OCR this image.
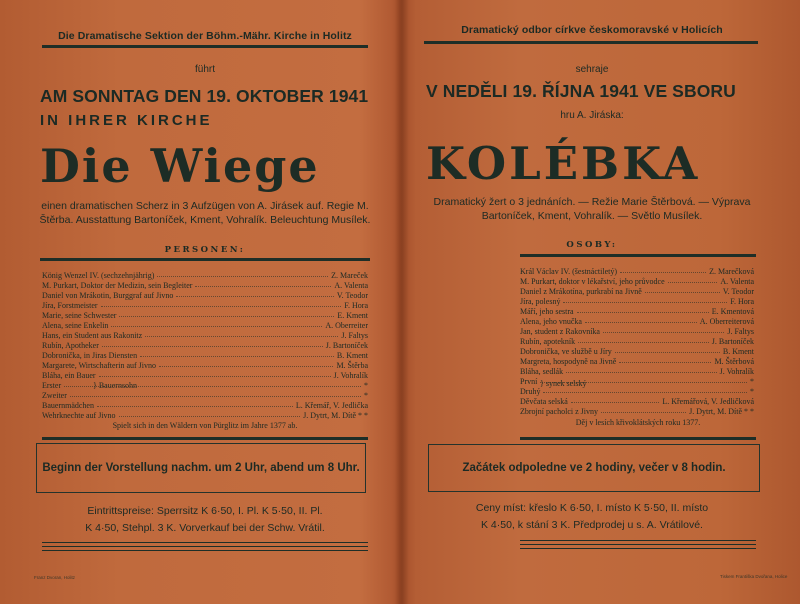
Die Dramatische Sektion der Böhm.-Mähr. Kirche in Holitz
führt
AM SONNTAG DEN 19. OKTOBER 1941
IN IHRER KIRCHE
Die Wiege
einen dramatischen Scherz in 3 Aufzügen von A. Jirásek auf. Regie M.
Štěrba. Ausstattung Bartoníček, Kment, Vohralík. Beleuchtung Musílek.
PERSONEN:
König Wenzel IV. (sechzehnjährig)	Z. Mareček
M. Purkart, Doktor der Medizin, sein Begleiter	A. Valenta
Daniel von Mrákotin, Burggraf auf Jivno	V. Teodor
Jíra, Forstmeister	F. Hora
Marie, seine Schwester	E. Kment
Alena, seine Enkelin	A. Oberreiter
Hans, ein Student aus Rakonitz	J. Faltys
Rubín, Apotheker	J. Bartoníček
Dobronička, in Jiras Diensten	B. Kment
Margarete, Wirtschafterin auf Jivno	M. Štěrba
Bláha, ein Bauer	J. Vohralík
Erster	*
Zweiter	*
Bauernmädchen	L. Křemář, V. Jedlička
Wehrknechte auf Jivno	J. Dytrt, M. Dítě * *
} Bauernsohn
Spielt sich in den Wäldern von Pürglitz im Jahre 1377 ab.
Beginn der Vorstellung nachm. um 2 Uhr, abend um 8 Uhr.
Eintrittspreise: Sperrsitz K 6·50, I. Pl. K 5·50, II. Pl.
K 4·50, Stehpl. 3 K. Vorverkauf bei der Schw. Vrátil.
Franz Dvoran, Holitz
Dramatický odbor církve českomoravské v Holicích
sehraje
V NEDĚLI 19. ŘÍJNA 1941 VE SBORU
hru A. Jiráska:
KOLÉBKA
Dramatický žert o 3 jednáních. — Režie Marie Štěrbová. — Výprava
Bartoníček, Kment, Vohralík. — Světlo Musílek.
OSOBY:
Král Václav IV. (šestnáctiletý)	Z. Marečková
M. Purkart, doktor v lékařství, jeho průvodce	A. Valenta
Daniel z Mrákotína, purkrabí na Jivně	V. Teodor
Jíra, polesný	F. Hora
Máří, jeho sestra	E. Kmentová
Alena, jeho vnučka	A. Oberreiterová
Jan, student z Rakovníka	J. Faltys
Rubín, apotekník	J. Bartoníček
Dobronička, ve službě u Jíry	B. Kment
Margreta, hospodyně na Jivně	M. Štěrbová
Bláha, sedlák	J. Vohralík
První	*
Druhý	*
Děvčata selská	L. Křemářová, V. Jedličková
Zbrojní pacholci z Jivny	J. Dytrt, M. Dítě * *
} synek selský
Děj v lesích křivoklátských roku 1377.
Začátek odpoledne ve 2 hodiny, večer v 8 hodin.
Ceny míst: křeslo K 6·50, I. místo K 5·50, II. místo
K 4·50, k stání 3 K. Předprodej u s. A. Vrátilové.
Tiskem Františka Dvořana, Holice
